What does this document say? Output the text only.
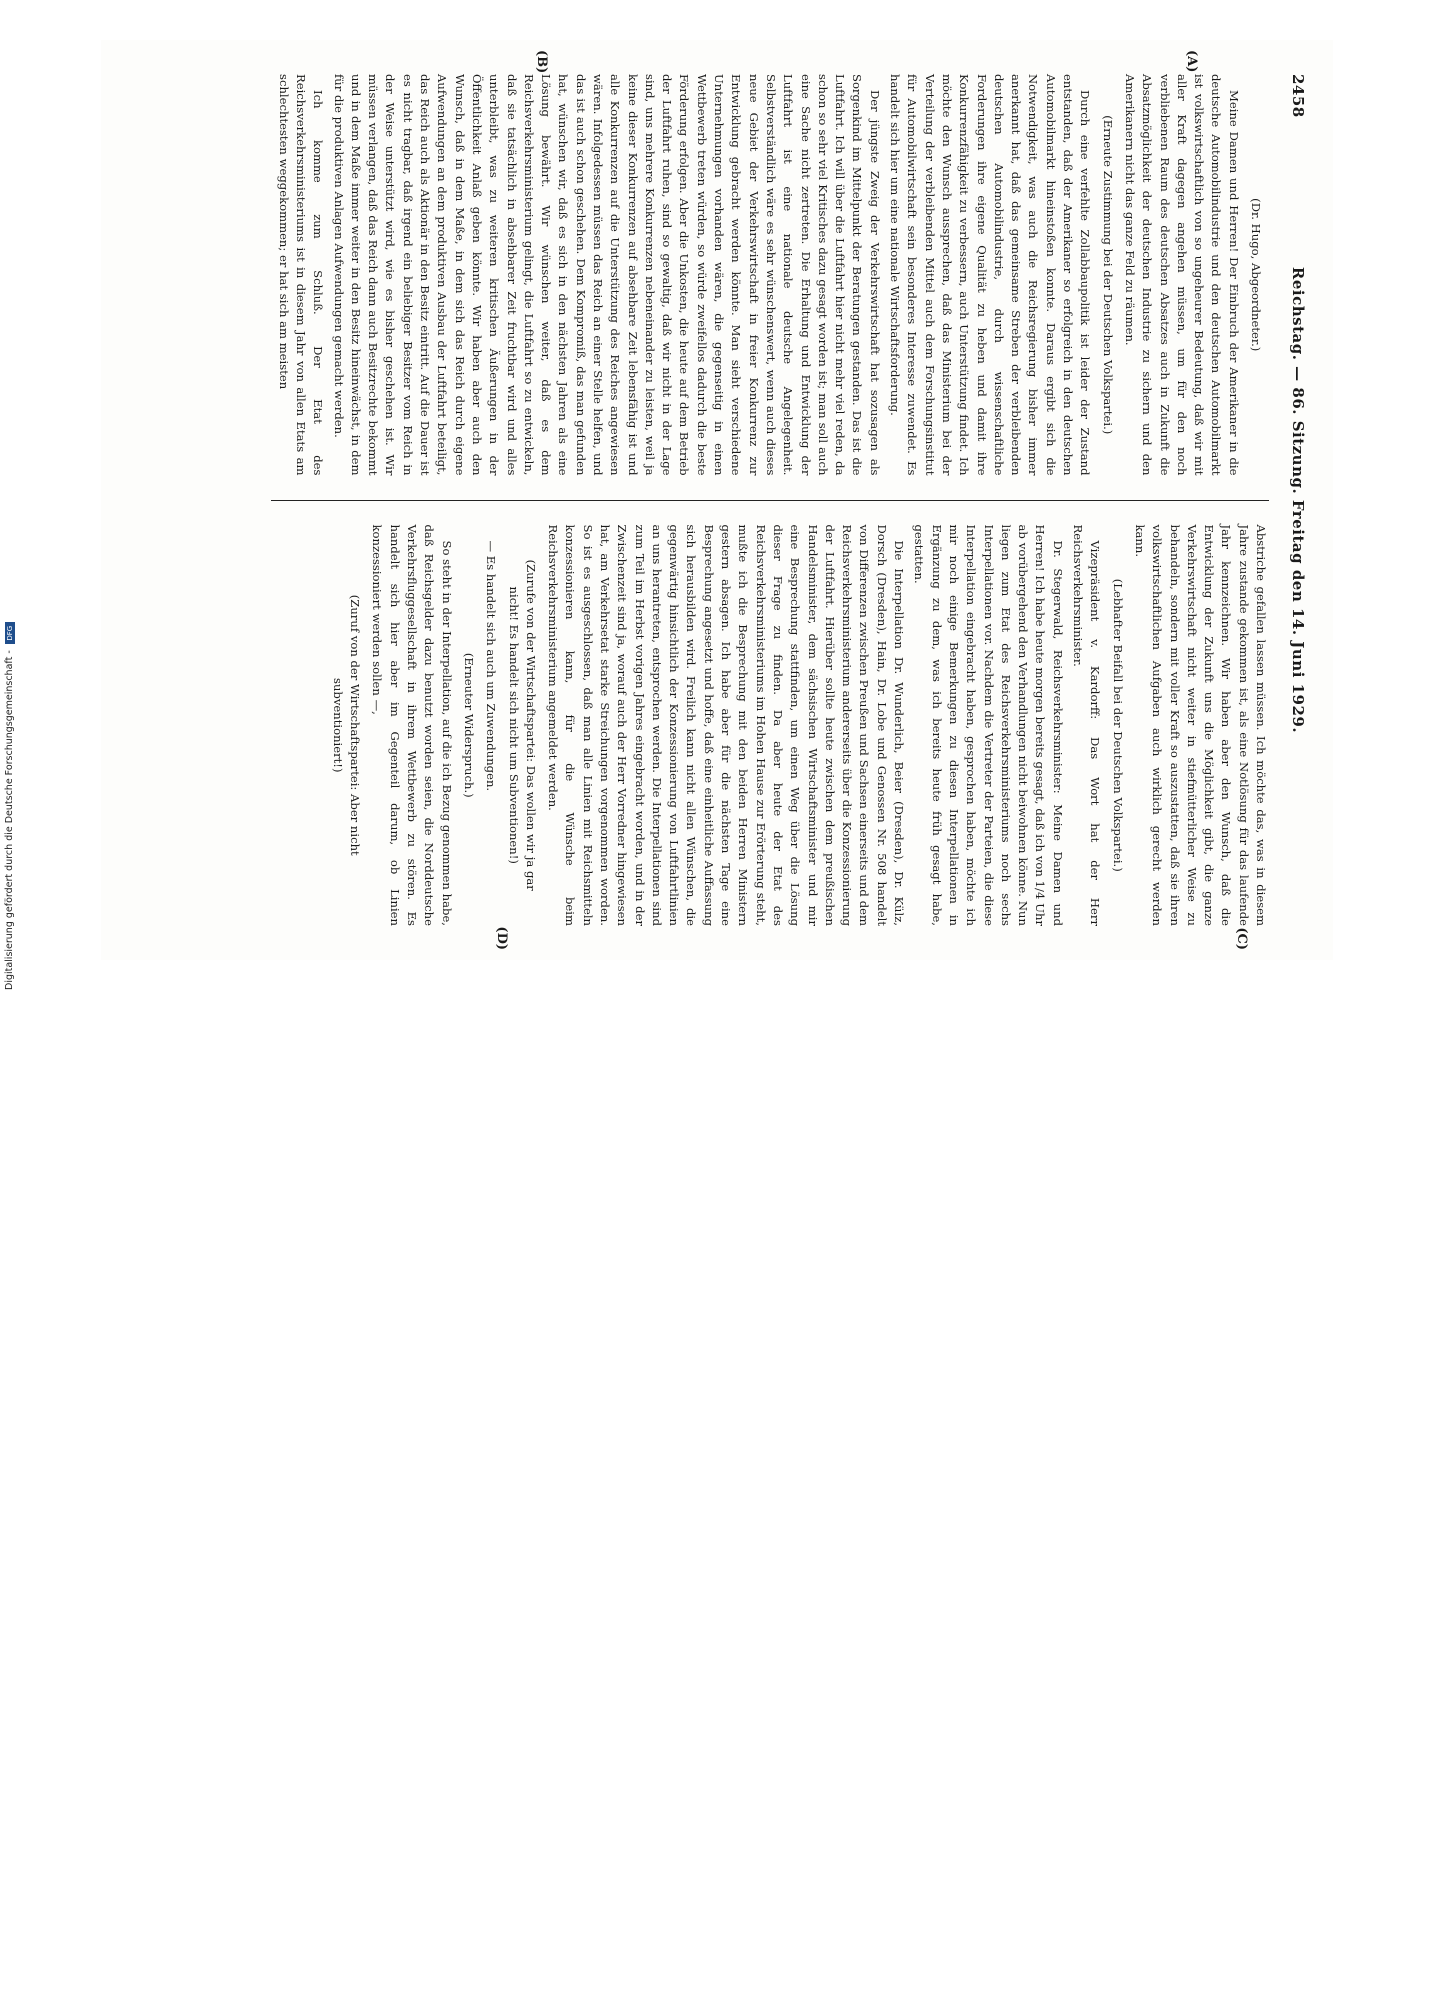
2458
Reichstag. — 86. Sitzung. Freitag den 14. Juni 1929.
(A)
(B)
(C)
(D)

(Dr. Hugo, Abgeordneter.)

Meine Damen und Herren! Der Einbruch der Amerikaner in die deutsche Automobilindustrie und den deutschen Automobilmarkt ist volkswirtschaftlich von so ungeheurer Bedeutung, daß wir mit aller Kraft dagegen angehen müssen, um für den noch verbliebenen Raum des deutschen Absatzes auch in Zukunft die Absatzmöglichkeit der deutschen Industrie zu sichern und den Amerikanern nicht das ganze Feld zu räumen.

(Erneute Zustimmung bei der Deutschen Volkspartei.)

Durch eine verfehlte Zollabbaupolitik ist leider der Zustand entstanden, daß der Amerikaner so erfolgreich in den deutschen Automobilmarkt hineinstoßen konnte. Daraus ergibt sich die Notwendigkeit, was auch die Reichsregierung bisher immer anerkannt hat, daß das gemeinsame Streben der verbleibenden deutschen Automobilindustrie, durch wissenschaftliche Forderungen ihre eigene Qualität zu heben und damit ihre Konkurrenzfähigkeit zu verbessern, auch Unterstützung findet. Ich möchte den Wunsch aussprechen, daß das Ministerium bei der Verteilung der verbleibenden Mittel auch dem Forschungsinstitut für Automobilwirtschaft sein besonderes Interesse zuwendet. Es handelt sich hier um eine nationale Wirtschaftsforderung.

Der jüngste Zweig der Verkehrswirtschaft hat sozusagen als Sorgenkind im Mittelpunkt der Beratungen gestanden. Das ist die Luftfahrt. Ich will über die Luftfahrt hier nicht mehr viel reden, da schon so sehr viel Kritisches dazu gesagt worden ist; man soll auch eine Sache nicht zertreten. Die Erhaltung und Entwicklung der Luftfahrt ist eine nationale deutsche Angelegenheit. Selbstverständlich wäre es sehr wünschenswert, wenn auch dieses neue Gebiet der Verkehrswirtschaft in freier Konkurrenz zur Entwicklung gebracht werden könnte. Man sieht verschiedene Unternehmungen vorhanden wären, die gegenseitig in einen Wettbewerb treten würden, so würde zweifellos dadurch die beste Förderung erfolgen. Aber die Unkosten, die heute auf dem Betrieb der Luftfahrt ruhen, sind so gewaltig, daß wir nicht in der Lage sind, uns mehrere Konkurrenzen nebeneinander zu leisten, weil ja keine dieser Konkurrenzen auf absehbare Zeit lebensfähig ist und alle Konkurrenzen auf die Unterstützung des Reiches angewiesen wären. Infolgedessen müssen das Reich an einer Stelle helfen, und das ist auch schon geschehen. Dem Kompromiß, das man gefunden hat, wünschen wir, daß es sich in den nächsten Jahren als eine Lösung bewährt. Wir wünschen weiter, daß es dem Reichsverkehrsministerium gelingt, die Luftfahrt so zu entwickeln, daß sie tatsächlich in absehbarer Zeit fruchtbar wird und alles unterbleibt, was zu weiteren kritischen Äußerungen in der Öffentlichkeit Anlaß geben könnte. Wir haben aber auch den Wunsch, daß in dem Maße, in dem sich das Reich durch eigene Aufwendungen an dem produktiven Ausbau der Luftfahrt beteiligt, das Reich auch als Aktionär in den Besitz eintritt. Auf die Dauer ist es nicht tragbar, daß irgend ein beliebiger Besitzer vom Reich in der Weise unterstützt wird, wie es bisher geschehen ist. Wir müssen verlangen, daß das Reich dann auch Besitzrechte bekommt und in dem Maße immer weiter in den Besitz hineinwächst, in dem für die produktiven Anlagen Aufwendungen gemacht werden.

Ich komme zum Schluß. Der Etat des Reichsverkehrsministeriums ist in diesem Jahr von allen Etats am schlechtesten weggekommen; er hat sich am meisten

Abstriche gefallen lassen müssen. Ich möchte das, was in diesem Jahre zustande gekommen ist, als eine Notlösung für das laufende Jahr kennzeichnen. Wir haben aber den Wunsch, daß die Entwicklung der Zukunft uns die Möglichkeit gibt, die ganze Verkehrswirtschaft nicht weiter in stiefmütterlicher Weise zu behandeln, sondern mit voller Kraft so auszustatten, daß sie ihren volkswirtschaftlichen Aufgaben auch wirklich gerecht werden kann.

(Lebhafter Beifall bei der Deutschen Volkspartei.)

Vizepräsident v. Kardorff: Das Wort hat der Herr Reichsverkehrsminister.

Dr. Stegerwald, Reichsverkehrsminister: Meine Damen und Herren! Ich habe heute morgen bereits gesagt, daß ich von 1/4 Uhr ab vorübergehend den Verhandlungen nicht beiwohnen könne. Nun liegen zum Etat des Reichsverkehrsministeriums noch sechs Interpellationen vor. Nachdem die Vertreter der Parteien, die diese Interpellation eingebracht haben, gesprochen haben, möchte ich mir noch einige Bemerkungen zu diesen Interpellationen in Ergänzung zu dem, was ich bereits heute früh gesagt habe, gestatten.

Die Interpellation Dr. Wunderlich, Beier (Dresden), Dr. Külz, Dorsch (Dresden), Hain, Dr. Lobe und Genossen Nr. 508 handelt von Differenzen zwischen Preußen und Sachsen einerseits und dem Reichsverkehrsministerium andererseits über die Konzessionierung der Luftfahrt. Hierüber sollte heute zwischen dem preußischen Handelsminister, dem sächsischen Wirtschaftsminister und mir eine Besprechung stattfinden, um einen Weg über die Lösung dieser Frage zu finden. Da aber heute der Etat des Reichsverkehrsministeriums im Hohen Hause zur Erörterung steht, mußte ich die Besprechung mit den beiden Herren Ministern gestern absagen. Ich habe aber für die nächsten Tage eine Besprechung angesetzt und hoffe, daß eine einheitliche Auffassung sich herausbilden wird. Freilich kann nicht allen Wünschen, die gegenwärtig hinsichtlich der Konzessionierung von Luftfahrtlinien an uns herantreten, entsprochen werden. Die Interpellationen sind zum Teil im Herbst vorigen Jahres eingebracht worden, und in der Zwischenzeit sind ja, worauf auch der Herr Vorredner hingewiesen hat, am Verkehrsetat starke Streichungen vorgenommen worden. So ist es ausgeschlossen, daß man alle Linien mit Reichsmitteln konzessionieren kann, für die Wünsche beim Reichsverkehrsministerium angemeldet werden.

(Zurufe von der Wirtschaftspartei: Das wollen wir ja gar nicht! Es handelt sich nicht um Subventionen!)

— Es handelt sich auch um Zuwendungen.

(Erneuter Widerspruch.)

So steht in der Interpellation, auf die ich Bezug genommen habe, daß Reichsgelder dazu benutzt worden seien, die Norddeutsche Verkehrsfluggesellschaft in ihrem Wettbewerb zu stören. Es handelt sich hier aber im Gegenteil darum, ob Linien konzessioniert werden sollen —,

(Zuruf von der Wirtschaftspartei: Aber nicht subventioniert!)

Digitalisierung gefördert durch die Deutsche Forschungsgemeinschaft - DFG
